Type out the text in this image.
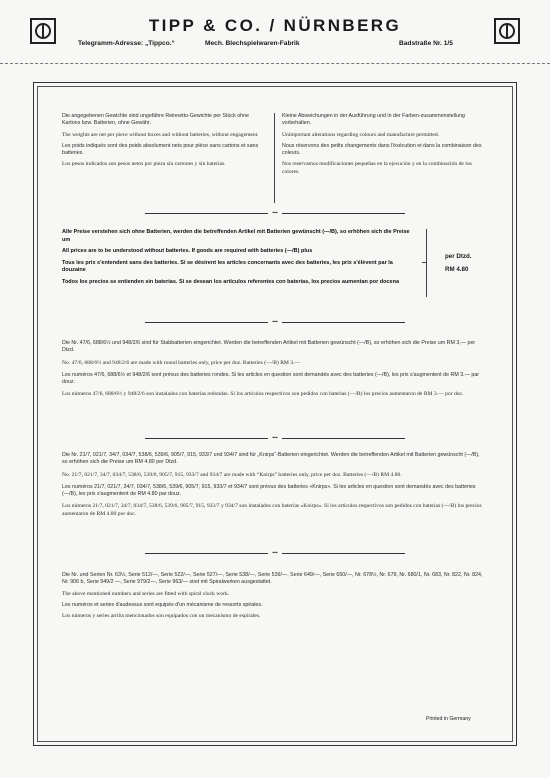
TIPP & CO. / NÜRNBERG
Telegramm-Adresse: „Tippco.“	Mech. Blechspielwaren-Fabrik	Badstraße Nr. 1/5

Die angegebenen Gewichte sind ungefähre Reinnetto-Gewichte per Stück ohne Kartons bzw. Batterien, ohne Gewähr.

The weights are net per piece without boxes and without batteries, without engagement.

Les poids indiqués sont des poids absolument nets pour pièce sans cartons et sans batteries.

Los pesos indicados son pesos netos por pieza sin cartones y sin baterias.

Kleine Abweichungen in der Ausführung und in der Farben-zusammenstellung vorbehalten.

Unimportant alterations regarding colours and manufacture permitted.

Nous réservons des petits changements dans l'éxécution et dans la combinaison des coleurs.

Nos reservamos modificaciones pequeñas en la ejecución y en la combinación de los colores.

▪▪▪

Alle Preise verstehen sich ohne Batterien, werden die betreffenden Artikel mit Batterien gewünscht (—/B), so erhöhen sich die Preise um

All prices are to be understood without batteries. If goods are required with batteries (—/B) plus

Tous les prix s'entendent sans des batteries. Si se désirent les articles concernants avec des batteries, les prix s'élèvent par la douzaine

Todos los precios se entienden sin baterias. Si se desean los artículos referentes con baterías, los precios aumentan por docena

per Dtzd.
RM 4.80
▪▪▪

Die Nr. 47/6, 688/6½ und 948/2/6 sind für Stabbatterien eingerichtet. Werden die betreffenden Artikel mit Batterien gewünscht (—/B), so erhöhen sich die Preise um RM 3,— per Dtzd.

No. 47/6, 688/6½ and 948/2/6 are made with round batteries only, price per doz. Batteries (—/B) RM 3.—

Les numéros 47/6, 688/6½ et 948/2/6 sont prévus des batteries rondes. Si les articles en question sont demandés avec des batteries (—/B), les prix s'augmentent de RM 3.— par douz.

Los números 47/6, 688/6½ y 948/2/6 son instalados con baterias redondas. Si los artículos respectivos son pedidos con baterias (—/B) los precios aumentaron de RM 3.— por doc.

▪▪▪

Die Nr. 21/7, 021/7, 34/7, 034/7, 538/6, 539/6, 905/7, 915, 933/7 und 934/7 sind für „Knirps“-Batterien eingerichtet. Werden die betreffenden Artikel mit Batterien gewünscht (—/B), so erhöhen sich die Preise um RM 4.80 per Dtzd.

No. 21/7, 021/7, 34/7, 034/7, 538/6, 539/6, 905/7, 915, 933/7 and 934/7 are made with “Knirps” batteries only, price per doz. Batteries (—/B) RM 4.80.

Les numéros 21/7, 021/7, 34/7, 034/7, 538/6, 539/6, 905/7, 915, 933/7 et 934/7 sont prévus des batteries «Knirps». Si les articles en question sont demandés avec des batteries (—/B), les prix s'augmentent de RM 4.80 par douz.

Los números 21/7, 021/7, 34/7, 034/7, 538/6, 539/6, 905/7, 915, 933/7 y 934/7 son instalados con baterías «Knirps». Si los artículos respectivos son pedidos con baterias (—/B) los precios aumentaron de RM 4.80 por doc.

▪▪▪

Die Nr. und Serien Nr. 63½, Serie 512/—, Serie 522/—, Serie 527/—, Serie 538/—, Serie 539/—, Serie 649/—, Serie 650/—, Nr. 678½, Nr. 679, Nr. 680/1, Nr. 683, Nr. 822, Nr. 824, Nr. 906 b, Serie 949/2 —, Serie 979/2—, Serie 963/— sind mit Spiralwerken ausgestattet.

The above mentioned numbers and series are fitted with spiral clock work.

Les numéros et series d'audessus sont equipés d'un mécanisme de ressorts spirales.

Los números y series arriba mencionados son equipados con un mecanismo de espirales.

Printed in Germany
